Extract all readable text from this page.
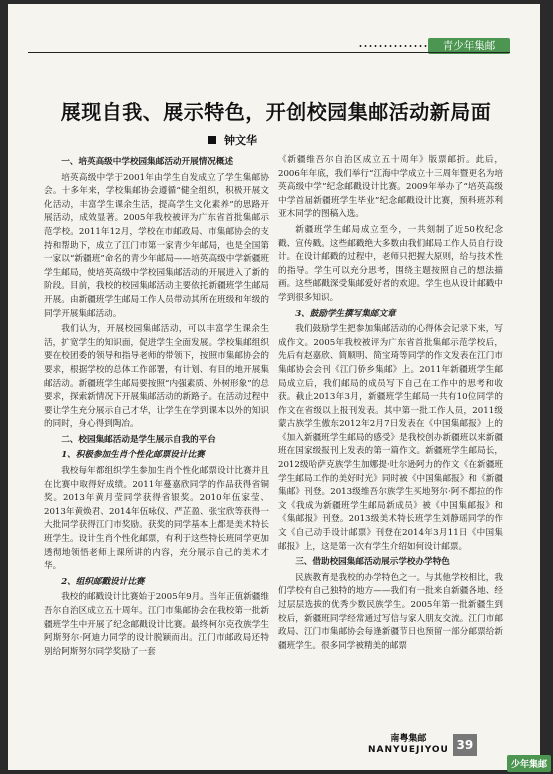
青少年集邮
展现自我、展示特色，开创校园集邮活动新局面
钟文华
一、培英高级中学校园集邮活动开展情况概述

培英高级中学于2001年由学生自发成立了学生集邮协会。十多年来，学校集邮协会遵循“健全组织，积极开展文化活动，丰富学生课余生活，提高学生文化素养”的思路开展活动，成效显著。2005年我校被评为广东省首批集邮示范学校。2011年12月，学校在市邮政局、市集邮协会的支持和帮助下，成立了江门市第一家青少年邮局，也是全国第一家以“新疆班”命名的青少年邮局——培英高级中学新疆班学生邮局，使培英高级中学校园集邮活动的开展进入了新的阶段。目前，我校的校园集邮活动主要依托新疆班学生邮局开展。由新疆班学生邮局工作人员带动其所在班级和年级的同学开展集邮活动。

我们认为，开展校园集邮活动，可以丰富学生课余生活，扩宽学生的知识面，促进学生全面发展。学校集邮组织要在校团委的领导和指导老师的带领下，按照市集邮协会的要求，根据学校的总体工作部署，有计划、有目的地开展集邮活动。新疆班学生邮局要按照“内强素质、外树形象”的总要求，探索新情况下开展集邮活动的新路子。在活动过程中要让学生充分展示自己才华，让学生在学到课本以外的知识的同时，身心得到陶冶。

二、校园集邮活动是学生展示自我的平台
1、积极参加生肖个性化邮票设计比赛

我校每年都组织学生参加生肖个性化邮票设计比赛并且在比赛中取得好成绩。2011年蔓嘉欣同学的作品获得省铜奖。2013年黄月莹同学获得省银奖。2010年伍家莹、2013年黄焕君、2014年伍咏仪、严芷盈、张宝欣等获得一大批同学获得江门市奖励。获奖的同学基本上都是美术特长班学生。设计生肖个性化邮票，有利于这些特长班同学更加透彻地领悟老师上课所讲的内容，充分展示自己的美术才华。

2、组织邮戳设计比赛

我校的邮戳设计比赛始于2005年9月。当年正值新疆维吾尔自治区成立五十周年。江门市集邮协会在我校第一批新疆班学生中开展了纪念邮戳设计比赛。最终柯尔克孜族学生阿斯努尔·阿迪力同学的设计脱颖而出。江门市邮政局还特别给阿斯努尔同学奖励了一套

《新疆维吾尔自治区成立五十周年》版票邮折。此后，2006年年底，我们举行“江海中学成立十三周年暨更名为培英高级中学”纪念邮戳设计比赛。2009年举办了“培英高级中学首届新疆班学生毕业”纪念邮戳设计比赛，预科班苏利亚木同学的图稿入选。

新疆班学生邮局成立至今，一共刻制了近50枚纪念戳、宣传戳。这些邮戳绝大多数由我们邮局工作人员自行设计。在设计邮戳的过程中，老师只把握大原则，给与技术性的指导。学生可以充分思考，围绕主题按照自己的想法描画。这些邮戳深受集邮爱好者的欢迎。学生也从设计邮戳中学到很多知识。

3、鼓励学生撰写集邮文章

我们鼓励学生把参加集邮活动的心得体会记录下来，写成作文。2005年我校被评为广东省首批集邮示范学校后，先后有赵嘉欣、简顺明、简宝琦等同学的作文发表在江门市集邮协会会刊《江门侨乡集邮》上。2011年新疆班学生邮局成立后，我们邮局的成员写下自己在工作中的思考和收获。截止2013年3月，新疆班学生邮局一共有10位同学的作文在省级以上报刊发表。其中第一批工作人员，2011级蒙古族学生傲东2012年2月7日发表在《中国集邮报》上的《加入新疆班学生邮局的感受》是我校创办新疆班以来新疆班在国家级报刊上发表的第一篇作文。新疆班学生邮局长，2012级哈萨克族学生加娜提·吐尔逊阿力的作文《在新疆班学生邮局工作的美好时光》同时被《中国集邮报》和《新疆集邮》刊登。2013级维吾尔族学生买地努尔·阿不都拉的作文《我成为新疆班学生邮局新成员》被《中国集邮报》和《集邮报》刊登。2013级美术特长班学生刘静瑶同学的作文《自己动手设计邮票》刊登在2014年3月11日《中国集邮报》上，这是第一次有学生介绍如何设计邮票。

三、借助校园集邮活动展示学校办学特色

民族教育是我校的办学特色之一。与其他学校相比，我们学校有自己独特的地方——我们有一批来自新疆各地、经过层层选拔的优秀少数民族学生。2005年第一批新疆生到校后，新疆班同学经常通过写信与家人朋友交流。江门市邮政局、江门市集邮协会每逢新疆节日也预留一部分邮票给新疆班学生。很多同学被精美的邮票

南粤集邮
NANYUEJIYOU 39
少年集邮
